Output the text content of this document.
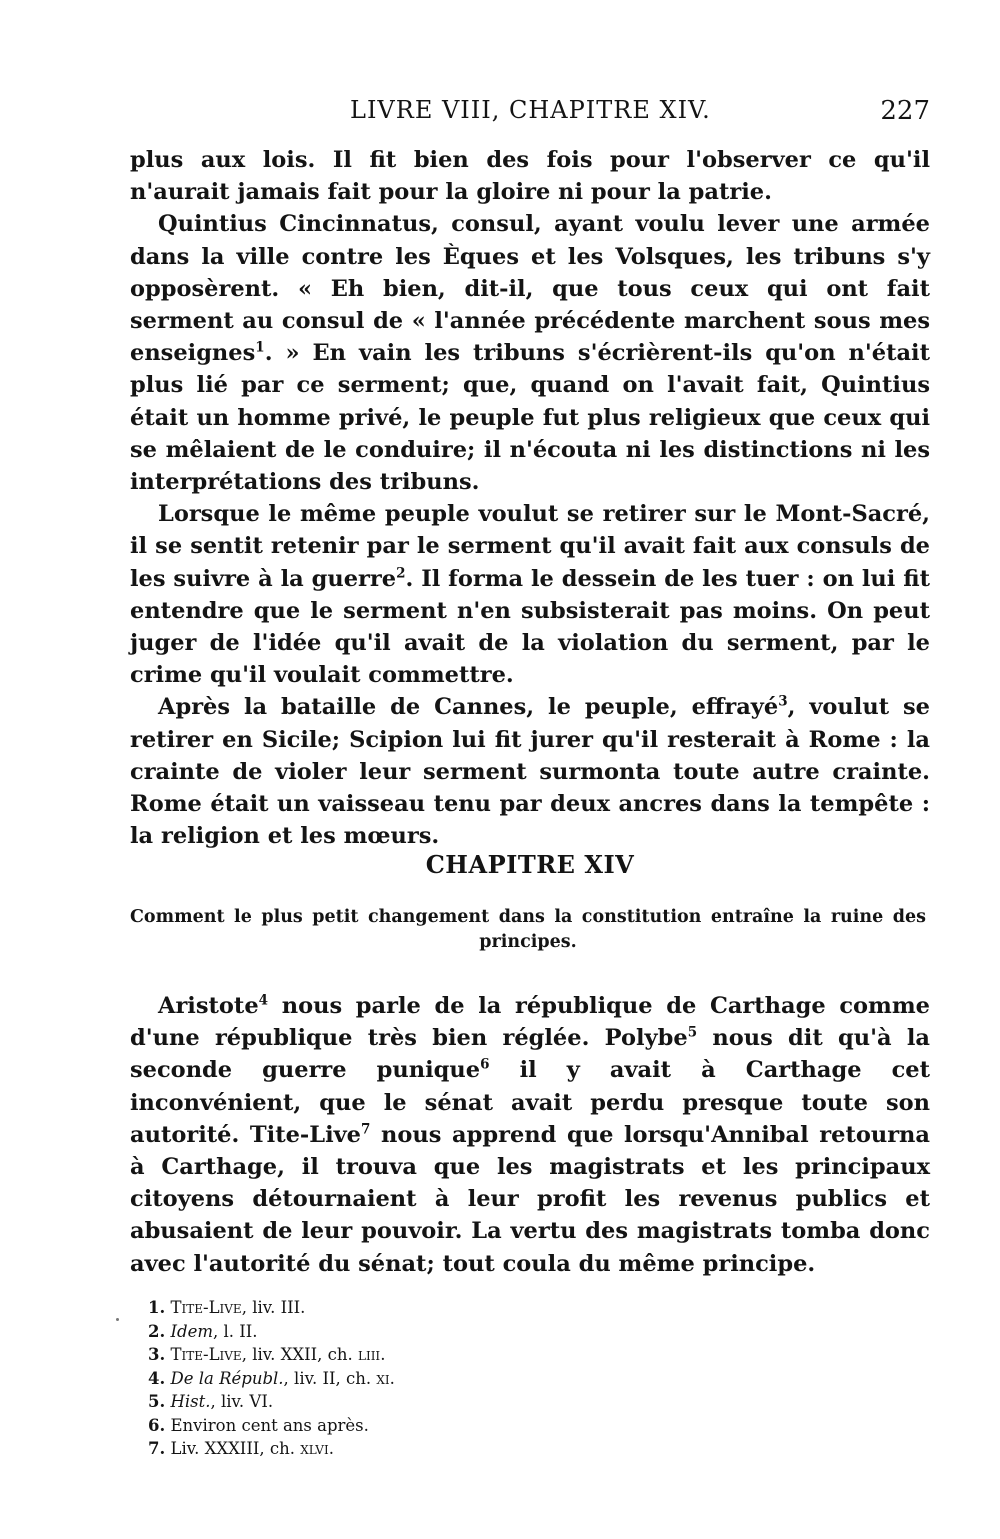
LIVRE VIII, CHAPITRE XIV.	227

plus aux lois. Il fit bien des fois pour l'observer ce qu'il n'aurait jamais fait pour la gloire ni pour la patrie.

Quintius Cincinnatus, consul, ayant voulu lever une armée dans la ville contre les Èques et les Volsques, les tribuns s'y opposèrent. « Eh bien, dit-il, que tous ceux qui ont fait serment au consul de « l'année précédente marchent sous mes enseignes$^1$. » En vain les tribuns s'écrièrent-ils qu'on n'était plus lié par ce serment; que, quand on l'avait fait, Quintius était un homme privé, le peuple fut plus religieux que ceux qui se mêlaient de le conduire; il n'écouta ni les distinctions ni les interprétations des tribuns.

Lorsque le même peuple voulut se retirer sur le Mont-Sacré, il se sentit retenir par le serment qu'il avait fait aux consuls de les suivre à la guerre$^2$. Il forma le dessein de les tuer : on lui fit entendre que le serment n'en subsisterait pas moins. On peut juger de l'idée qu'il avait de la violation du serment, par le crime qu'il voulait commettre.

Après la bataille de Cannes, le peuple, effrayé$^3$, voulut se retirer en Sicile; Scipion lui fit jurer qu'il resterait à Rome : la crainte de violer leur serment surmonta toute autre crainte. Rome était un vaisseau tenu par deux ancres dans la tempête : la religion et les mœurs.

CHAPITRE XIV
Comment le plus petit changement dans la constitution entraîne la ruine des principes.

Aristote$^4$ nous parle de la république de Carthage comme d'une république très bien réglée. Polybe$^5$ nous dit qu'à la seconde guerre punique$^6$ il y avait à Carthage cet inconvénient, que le sénat avait perdu presque toute son autorité. Tite-Live$^7$ nous apprend que lorsqu'Annibal retourna à Carthage, il trouva que les magistrats et les principaux citoyens détournaient à leur profit les revenus publics et abusaient de leur pouvoir. La vertu des magistrats tomba donc avec l'autorité du sénat; tout coula du même principe.

1. Tite-Live, liv. III.
2. Idem, l. II.
3. Tite-Live, liv. XXII, ch. liii.
4. De la Républ., liv. II, ch. xi.
5. Hist., liv. VI.
6. Environ cent ans après.
7. Liv. XXXIII, ch. xlvi.
